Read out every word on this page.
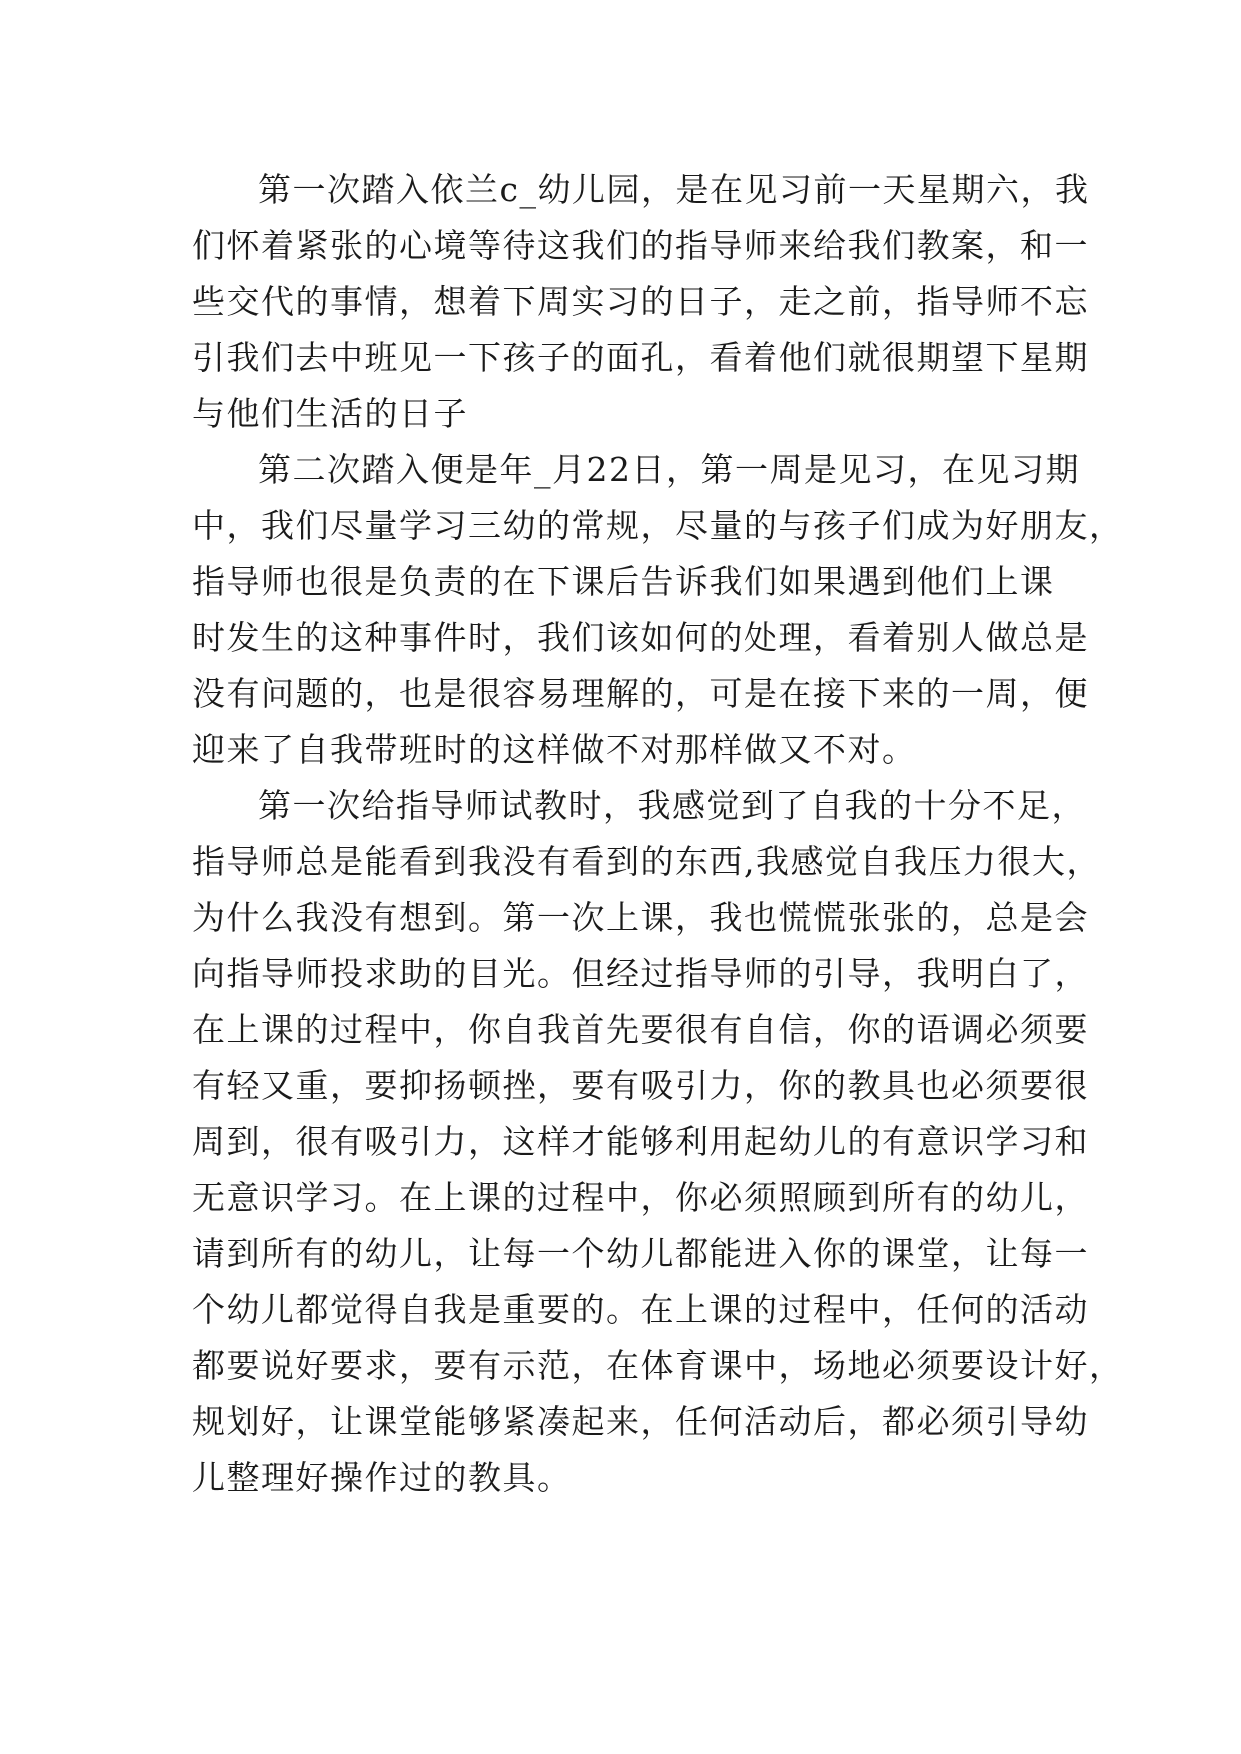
第一次踏入依兰c_幼儿园，是在见习前一天星期六，我
们怀着紧张的心境等待这我们的指导师来给我们教案，和一
些交代的事情，想着下周实习的日子，走之前，指导师不忘
引我们去中班见一下孩子的面孔，看着他们就很期望下星期
与他们生活的日子
第二次踏入便是年_月22日，第一周是见习，在见习期
中，我们尽量学习三幼的常规，尽量的与孩子们成为好朋友，
指导师也很是负责的在下课后告诉我们如果遇到他们上课
时发生的这种事件时，我们该如何的处理，看着别人做总是
没有问题的，也是很容易理解的，可是在接下来的一周，便
迎来了自我带班时的这样做不对那样做又不对。
第一次给指导师试教时，我感觉到了自我的十分不足，
指导师总是能看到我没有看到的东西,我感觉自我压力很大，
为什么我没有想到。第一次上课，我也慌慌张张的，总是会
向指导师投求助的目光。但经过指导师的引导，我明白了，
在上课的过程中，你自我首先要很有自信，你的语调必须要
有轻又重，要抑扬顿挫，要有吸引力，你的教具也必须要很
周到，很有吸引力，这样才能够利用起幼儿的有意识学习和
无意识学习。在上课的过程中，你必须照顾到所有的幼儿，
请到所有的幼儿，让每一个幼儿都能进入你的课堂，让每一
个幼儿都觉得自我是重要的。在上课的过程中，任何的活动
都要说好要求，要有示范，在体育课中，场地必须要设计好，
规划好，让课堂能够紧凑起来，任何活动后，都必须引导幼
儿整理好操作过的教具。
